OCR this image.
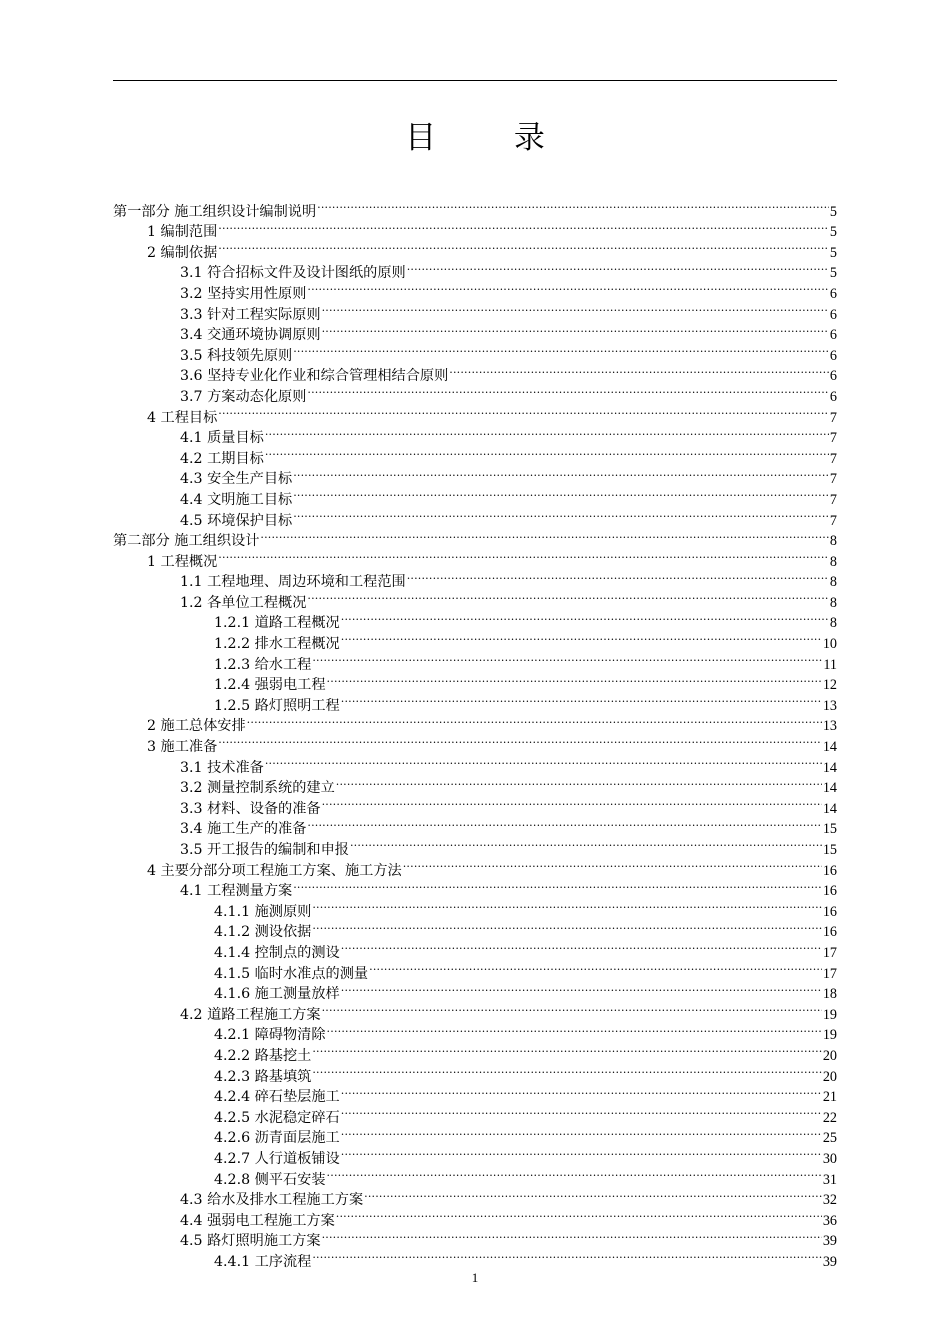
目 录
第一部分 施工组织设计编制说明 .....	5
1 编制范围 .....	5
2 编制依据 .....	5
3.1 符合招标文件及设计图纸的原则 .....	5
3.2 坚持实用性原则 .....	6
3.3 针对工程实际原则 .....	6
3.4 交通环境协调原则 .....	6
3.5 科技领先原则 .....	6
3.6 坚持专业化作业和综合管理相结合原则 .....	6
3.7 方案动态化原则 .....	6
4 工程目标 .....	7
4.1 质量目标 .....	7
4.2 工期目标 .....	7
4.3 安全生产目标 .....	7
4.4 文明施工目标 .....	7
4.5 环境保护目标 .....	7
第二部分 施工组织设计 .....	8
1 工程概况 .....	8
1.1 工程地理、周边环境和工程范围 .....	8
1.2 各单位工程概况 .....	8
1.2.1 道路工程概况 .....	8
1.2.2 排水工程概况 .....	10
1.2.3 给水工程 .....	11
1.2.4 强弱电工程 .....	12
1.2.5 路灯照明工程 .....	13
2 施工总体安排 .....	13
3 施工准备 .....	14
3.1 技术准备 .....	14
3.2 测量控制系统的建立 .....	14
3.3 材料、设备的准备 .....	14
3.4 施工生产的准备 .....	15
3.5 开工报告的编制和申报 .....	15
4 主要分部分项工程施工方案、施工方法 .....	16
4.1 工程测量方案 .....	16
4.1.1 施测原则 .....	16
4.1.2 测设依据 .....	16
4.1.4 控制点的测设 .....	17
4.1.5 临时水准点的测量 .....	17
4.1.6 施工测量放样 .....	18
4.2 道路工程施工方案 .....	19
4.2.1 障碍物清除 .....	19
4.2.2 路基挖土 .....	20
4.2.3 路基填筑 .....	20
4.2.4 碎石垫层施工 .....	21
4.2.5 水泥稳定碎石 .....	22
4.2.6 沥青面层施工 .....	25
4.2.7 人行道板铺设 .....	30
4.2.8 侧平石安装 .....	31
4.3 给水及排水工程施工方案 .....	32
4.4 强弱电工程施工方案 .....	36
4.5 路灯照明施工方案 .....	39
4.4.1 工序流程 .....	39
1
